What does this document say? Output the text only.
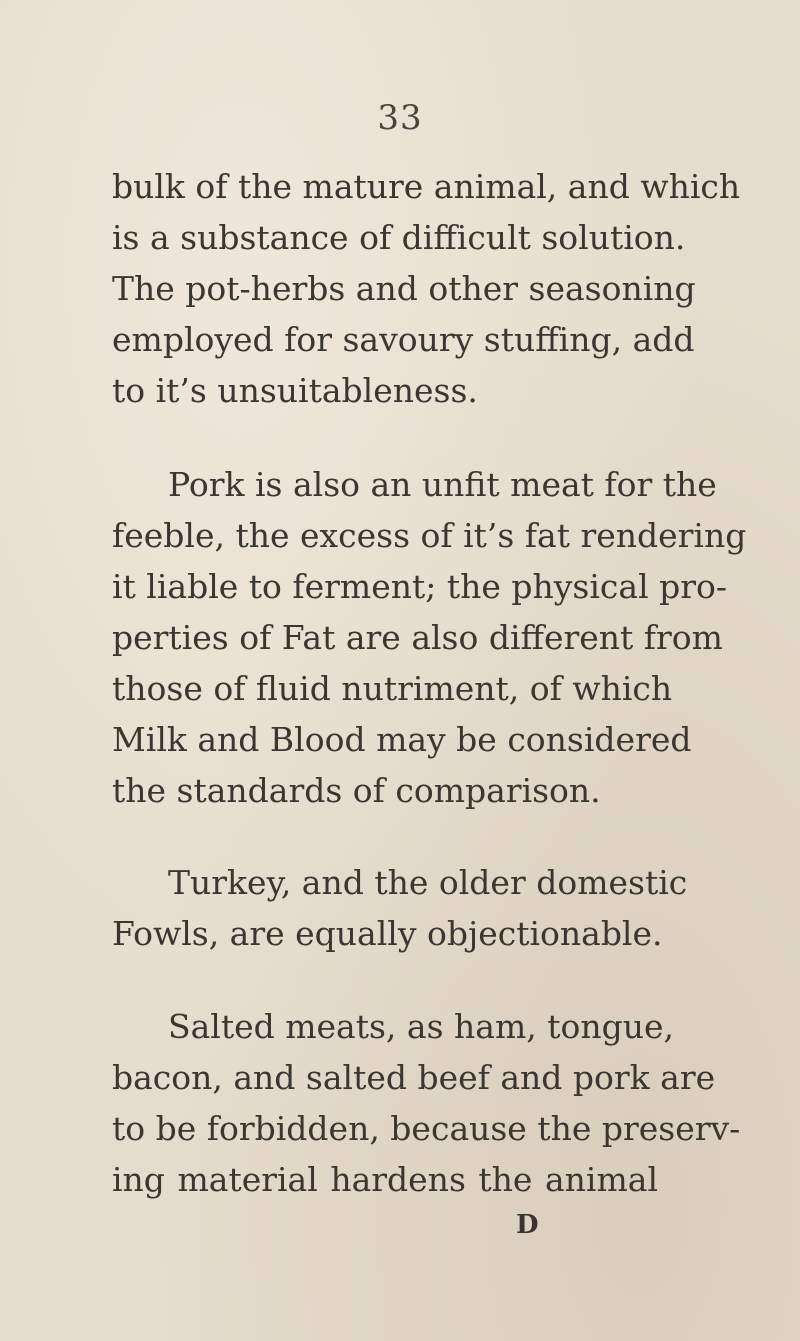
33
bulk of the mature animal, and which
is a substance of difficult solution.
The pot-herbs and other seasoning
employed for savoury stuffing, add
to it’s unsuitableness.
Pork is also an unfit meat for the
feeble, the excess of it’s fat rendering
it liable to ferment; the physical pro-
perties of Fat are also different from
those of fluid nutriment, of which
Milk and Blood may be considered
the standards of comparison.
Turkey, and the older domestic
Fowls, are equally objectionable.
Salted meats, as ham, tongue,
bacon, and salted beef and pork are
to be forbidden, because the preserv-
ing material hardens the animal
D
